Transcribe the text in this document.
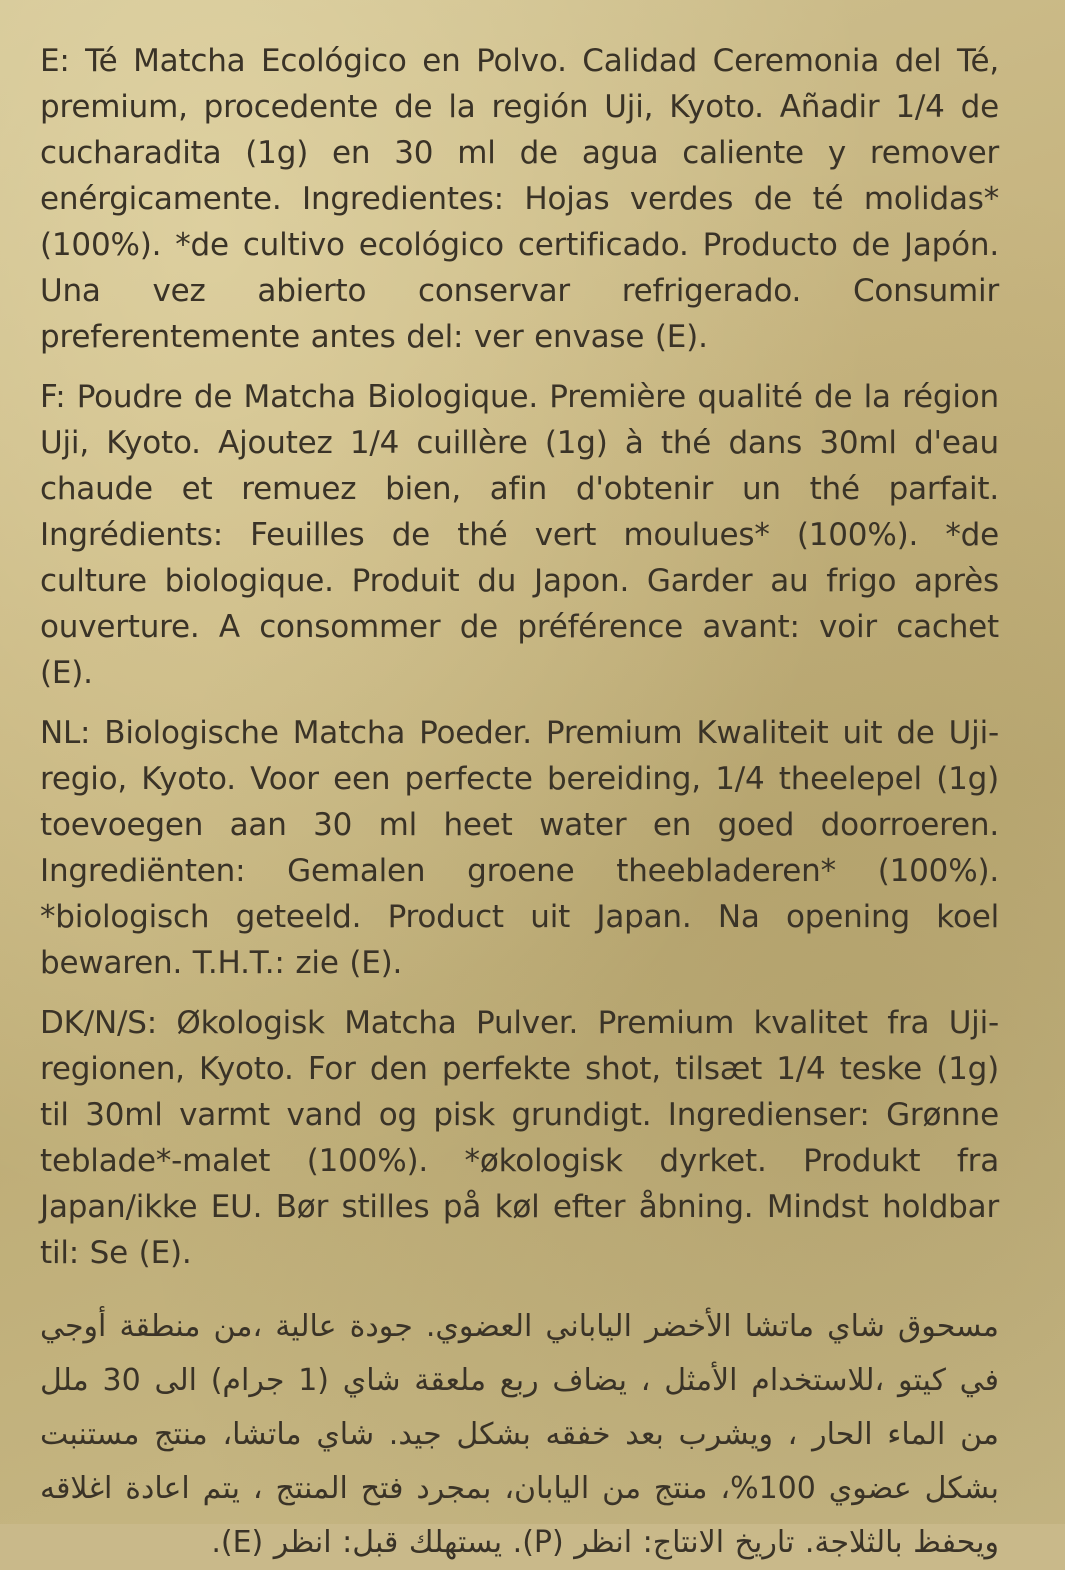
E: Té Matcha Ecológico en Polvo. Calidad Ceremonia del Té, premium, procedente de la región Uji, Kyoto. Añadir 1/4 de cucharadita (1g) en 30 ml de agua caliente y remover enérgicamente. Ingredientes: Hojas verdes de té molidas* (100%). *de cultivo ecológico certificado. Producto de Japón. Una vez abierto conservar refrigerado. Consumir preferentemente antes del: ver envase (E).

F: Poudre de Matcha Biologique. Première qualité de la région Uji, Kyoto. Ajoutez 1/4 cuillère (1g) à thé dans 30ml d'eau chaude et remuez bien, afin d'obtenir un thé parfait. Ingrédients: Feuilles de thé vert moulues* (100%). *de culture biologique. Produit du Japon. Garder au frigo après ouverture. A consommer de préférence avant: voir cachet (E).

NL: Biologische Matcha Poeder. Premium Kwaliteit uit de Uji-regio, Kyoto. Voor een perfecte bereiding, 1/4 theelepel (1g) toevoegen aan 30 ml heet water en goed doorroeren. Ingrediënten: Gemalen groene theebladeren* (100%). *biologisch geteeld. Product uit Japan. Na opening koel bewaren. T.H.T.: zie (E).

DK/N/S: Økologisk Matcha Pulver. Premium kvalitet fra Uji-regionen, Kyoto. For den perfekte shot, tilsæt 1/4 teske (1g) til 30ml varmt vand og pisk grundigt. Ingredienser: Grønne teblade*-malet (100%). *økologisk dyrket. Produkt fra Japan/ikke EU. Bør stilles på køl efter åbning. Mindst holdbar til: Se (E).

مسحوق شاي ماتشا الأخضر الياباني العضوي. جودة عالية ،من منطقة أوجي في كيتو ،للاستخدام الأمثل ، يضاف ربع ملعقة شاي (1 جرام) الى 30 ملل من الماء الحار ، ويشرب بعد خفقه بشكل جيد. شاي ماتشا، منتج مستنبت بشكل عضوي 100%، منتج من اليابان، بمجرد فتح المنتج ، يتم اعادة اغلاقه ويحفظ بالثلاجة. تاريخ الانتاج: انظر (P). يستهلك قبل: انظر (E).
